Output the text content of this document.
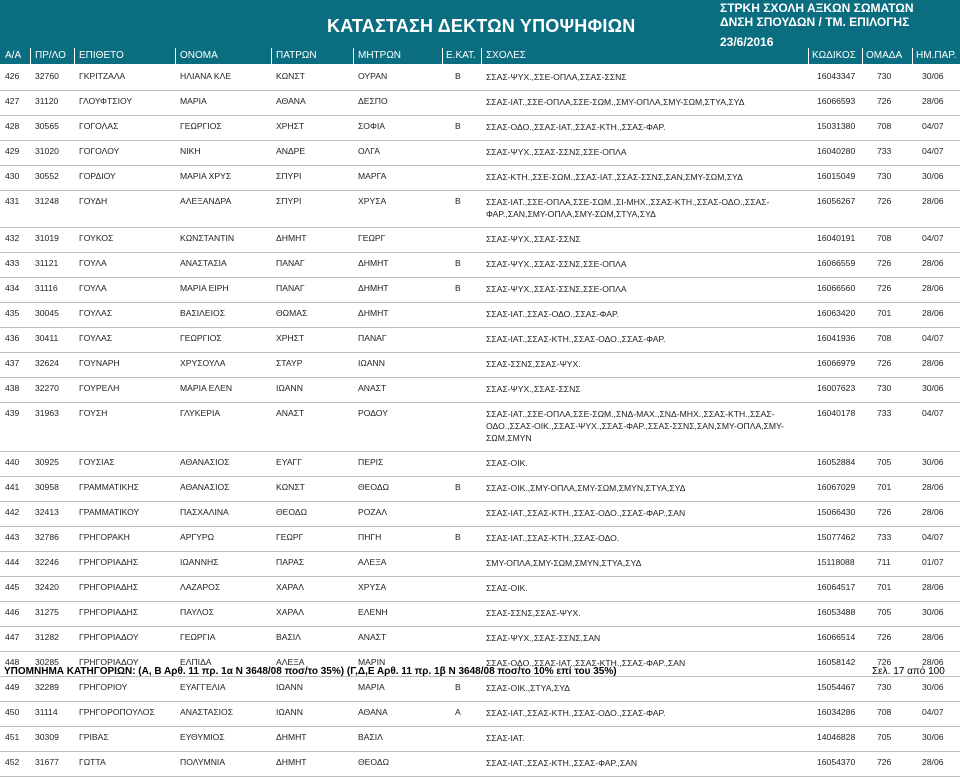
ΚΑΤΑΣΤΑΣΗ ΔΕΚΤΩΝ ΥΠΟΨΗΦΙΩΝ
ΣΤΡΚΗ ΣΧΟΛΗ ΑΞΚΩΝ ΣΩΜΑΤΩΝ
ΔΝΣΗ ΣΠΟΥΔΩΝ / ΤΜ. ΕΠΙΛΟΓΗΣ
23/6/2016
Α/Α ΠΡ/ΛΟ ΕΠΙΘΕΤΟ	ΟΝΟΜΑ	ΠΑΤΡΩΝ	ΜΗΤΡΩΝ	Ε.ΚΑΤ. ΣΧΟΛΕΣ	ΚΩΔΙΚΟΣ ΟΜΑΔΑ ΗΜ.ΠΑΡ.
426 32760 ΓΚΡΙΤΖΑΛΑ	ΗΛΙΑΝΑ ΚΛΕ	ΚΩΝΣΤ	ΟΥΡΑΝ	Β	ΣΣΑΣ-ΨΥΧ.,ΣΣΕ-ΟΠΛΑ,ΣΣΑΣ-ΣΣΝΣ	16043347	730	30/06
427 31120 ΓΛΟΥΦΤΣΙΟΥ	ΜΑΡΙΑ	ΑΘΑΝΑ	ΔΕΣΠΟ	ΣΣΑΣ-ΙΑΤ.,ΣΣΕ-ΟΠΛΑ,ΣΣΕ-ΣΩΜ.,ΣΜΥ-ΟΠΛΑ,ΣΜΥ-ΣΩΜ,ΣΤΥΑ,ΣΥΔ	16066593	726	28/06
428 30565 ΓΟΓΟΛΑΣ	ΓΕΩΡΓΙΟΣ	ΧΡΗΣΤ	ΣΟΦΙΑ	Β	ΣΣΑΣ-ΟΔΟ.,ΣΣΑΣ-ΙΑΤ.,ΣΣΑΣ-ΚΤΗ.,ΣΣΑΣ-ΦΑΡ.	15031380	708	04/07
429 31020 ΓΟΓΟΛΟΥ	ΝΙΚΗ	ΑΝΔΡΕ	ΟΛΓΑ	ΣΣΑΣ-ΨΥΧ.,ΣΣΑΣ-ΣΣΝΣ,ΣΣΕ-ΟΠΛΑ	16040280	733	04/07
430 30552 ΓΟΡΔΙΟΥ	ΜΑΡΙΑ ΧΡΥΣ	ΣΠΥΡΙ	ΜΑΡΓΑ	ΣΣΑΣ-ΚΤΗ.,ΣΣΕ-ΣΩΜ.,ΣΣΑΣ-ΙΑΤ.,ΣΣΑΣ-ΣΣΝΣ,ΣΑΝ,ΣΜΥ-ΣΩΜ,ΣΥΔ	16015049	730	30/06
431 31248 ΓΟΥΔΗ	ΑΛΕΞΑΝΔΡΑ	ΣΠΥΡΙ	ΧΡΥΣΑ	Β	ΣΣΑΣ-ΙΑΤ.,ΣΣΕ-ΟΠΛΑ,ΣΣΕ-ΣΩΜ.,ΣΙ-ΜΗΧ.,ΣΣΑΣ-ΚΤΗ.,ΣΣΑΣ-ΟΔΟ.,ΣΣΑΣ-ΦΑΡ.,ΣΑΝ,ΣΜΥ-ΟΠΛΑ,ΣΜΥ-ΣΩΜ,ΣΤΥΑ,ΣΥΔ
16056267	726	28/06
432 31019 ΓΟΥΚΟΣ	ΚΩΝΣΤΑΝΤΙΝ	ΔΗΜΗΤ	ΓΕΩΡΓ	ΣΣΑΣ-ΨΥΧ.,ΣΣΑΣ-ΣΣΝΣ	16040191	708	04/07
433 31121 ΓΟΥΛΑ	ΑΝΑΣΤΑΣΙΑ	ΠΑΝΑΓ	ΔΗΜΗΤ	Β	ΣΣΑΣ-ΨΥΧ.,ΣΣΑΣ-ΣΣΝΣ,ΣΣΕ-ΟΠΛΑ	16066559	726	28/06
434 31116 ΓΟΥΛΑ	ΜΑΡΙΑ ΕΙΡΗ	ΠΑΝΑΓ	ΔΗΜΗΤ	Β	ΣΣΑΣ-ΨΥΧ.,ΣΣΑΣ-ΣΣΝΣ,ΣΣΕ-ΟΠΛΑ	16066560	726	28/06
435 30045 ΓΟΥΛΑΣ	ΒΑΣΙΛΕΙΟΣ	ΘΩΜΑΣ	ΔΗΜΗΤ	ΣΣΑΣ-ΙΑΤ.,ΣΣΑΣ-ΟΔΟ.,ΣΣΑΣ-ΦΑΡ.	16063420	701	28/06
436 30411 ΓΟΥΛΑΣ	ΓΕΩΡΓΙΟΣ	ΧΡΗΣΤ	ΠΑΝΑΓ	ΣΣΑΣ-ΙΑΤ.,ΣΣΑΣ-ΚΤΗ.,ΣΣΑΣ-ΟΔΟ.,ΣΣΑΣ-ΦΑΡ.	16041936	708	04/07
437 32624 ΓΟΥΝΑΡΗ	ΧΡΥΣΟΥΛΑ	ΣΤΑΥΡ	ΙΩΑΝΝ	ΣΣΑΣ-ΣΣΝΣ,ΣΣΑΣ-ΨΥΧ.	16066979	726	28/06
438 32270 ΓΟΥΡΕΛΗ	ΜΑΡΙΑ ΕΛΕΝ	ΙΩΑΝΝ	ΑΝΑΣΤ	ΣΣΑΣ-ΨΥΧ.,ΣΣΑΣ-ΣΣΝΣ	16007623	730	30/06
439 31963 ΓΟΥΣΗ	ΓΛΥΚΕΡΙΑ	ΑΝΑΣΤ	ΡΟΔΟΥ	ΣΣΑΣ-ΙΑΤ.,ΣΣΕ-ΟΠΛΑ,ΣΣΕ-ΣΩΜ.,ΣΝΔ-ΜΑΧ.,ΣΝΔ-ΜΗΧ.,ΣΣΑΣ-ΚΤΗ.,ΣΣΑΣ-ΟΔΟ.,ΣΣΑΣ-ΟΙΚ.,ΣΣΑΣ-ΨΥΧ.,ΣΣΑΣ-ΦΑΡ.,ΣΣΑΣ-ΣΣΝΣ,ΣΑΝ,ΣΜΥ-ΟΠΛΑ,ΣΜΥ-ΣΩΜ,ΣΜΥΝ
16040178	733	04/07
440 30925 ΓΟΥΣΙΑΣ	ΑΘΑΝΑΣΙΟΣ	ΕΥΑΓΓ	ΠΕΡΙΣ	ΣΣΑΣ-ΟΙΚ.	16052884	705	30/06
441 30958 ΓΡΑΜΜΑΤΙΚΗΣ	ΑΘΑΝΑΣΙΟΣ	ΚΩΝΣΤ	ΘΕΟΔΩ	Β	ΣΣΑΣ-ΟΙΚ.,ΣΜΥ-ΟΠΛΑ,ΣΜΥ-ΣΩΜ,ΣΜΥΝ,ΣΤΥΑ,ΣΥΔ	16067029	701	28/06
442 32413 ΓΡΑΜΜΑΤΙΚΟΥ	ΠΑΣΧΑΛΙΝΑ	ΘΕΟΔΩ	ΡΟΖΑΛ	ΣΣΑΣ-ΙΑΤ.,ΣΣΑΣ-ΚΤΗ.,ΣΣΑΣ-ΟΔΟ.,ΣΣΑΣ-ΦΑΡ.,ΣΑΝ	15066430	726	28/06
443 32786 ΓΡΗΓΟΡΑΚΗ	ΑΡΓΥΡΩ	ΓΕΩΡΓ	ΠΗΓΗ	Β	ΣΣΑΣ-ΙΑΤ.,ΣΣΑΣ-ΚΤΗ.,ΣΣΑΣ-ΟΔΟ.	15077462	733	04/07
444 32246 ΓΡΗΓΟΡΙΑΔΗΣ	ΙΩΑΝΝΗΣ	ΠΑΡΑΣ	ΑΛΕΞΑ	ΣΜΥ-ΟΠΛΑ,ΣΜΥ-ΣΩΜ,ΣΜΥΝ,ΣΤΥΑ,ΣΥΔ	15118088	711	01/07
445 32420 ΓΡΗΓΟΡΙΑΔΗΣ	ΛΑΖΑΡΟΣ	ΧΑΡΑΛ	ΧΡΥΣΑ	ΣΣΑΣ-ΟΙΚ.	16064517	701	28/06
446 31275 ΓΡΗΓΟΡΙΑΔΗΣ	ΠΑΥΛΟΣ	ΧΑΡΑΛ	ΕΛΕΝΗ	ΣΣΑΣ-ΣΣΝΣ,ΣΣΑΣ-ΨΥΧ.	16053488	705	30/06
447 31282 ΓΡΗΓΟΡΙΑΔΟΥ	ΓΕΩΡΓΙΑ	ΒΑΣΙΛ	ΑΝΑΣΤ	ΣΣΑΣ-ΨΥΧ.,ΣΣΑΣ-ΣΣΝΣ,ΣΑΝ	16066514	726	28/06
448 30285 ΓΡΗΓΟΡΙΑΔΟΥ	ΕΛΠΙΔΑ	ΑΛΕΞΑ	ΜΑΡΙΝ	ΣΣΑΣ-ΟΔΟ.,ΣΣΑΣ-ΙΑΤ.,ΣΣΑΣ-ΚΤΗ.,ΣΣΑΣ-ΦΑΡ.,ΣΑΝ	16058142	726	28/06
449 32289 ΓΡΗΓΟΡΙΟΥ	ΕΥΑΓΓΕΛΙΑ	ΙΩΑΝΝ	ΜΑΡΙΑ	Β	ΣΣΑΣ-ΟΙΚ.,ΣΤΥΑ,ΣΥΔ	15054467	730	30/06
450 31114 ΓΡΗΓΟΡΟΠΟΥΛΟΣ	ΑΝΑΣΤΑΣΙΟΣ	ΙΩΑΝΝ	ΑΘΑΝΑ	Α	ΣΣΑΣ-ΙΑΤ.,ΣΣΑΣ-ΚΤΗ.,ΣΣΑΣ-ΟΔΟ.,ΣΣΑΣ-ΦΑΡ.	16034286	708	04/07
451 30309 ΓΡΙΒΑΣ	ΕΥΘΥΜΙΟΣ	ΔΗΜΗΤ	ΒΑΣΙΛ	ΣΣΑΣ-ΙΑΤ.	14046828	705	30/06
452 31677 ΓΩΤΤΑ	ΠΟΛΥΜΝΙΑ	ΔΗΜΗΤ	ΘΕΟΔΩ	ΣΣΑΣ-ΙΑΤ.,ΣΣΑΣ-ΚΤΗ.,ΣΣΑΣ-ΦΑΡ.,ΣΑΝ	16054370	726	28/06
ΥΠΟΜΝΗΜΑ ΚΑΤΗΓΟΡΙΩΝ: (Α, Β Αρθ. 11 πρ. 1α Ν 3648/08 ποσ/το 35%) (Γ,Δ,Ε Αρθ. 11 πρ. 1β Ν 3648/08 ποσ/το 10% επί του 35%)	Σελ. 17 από 100
